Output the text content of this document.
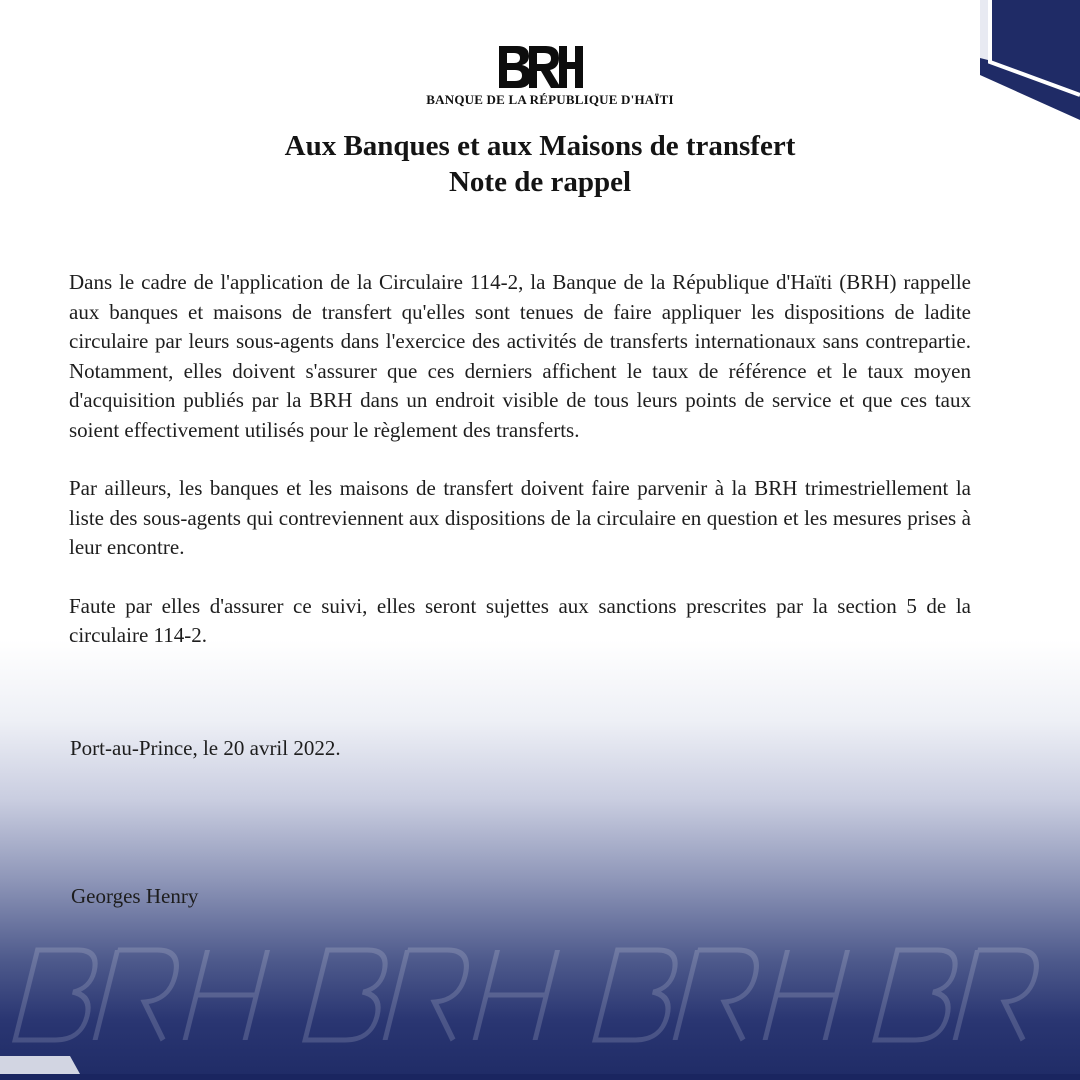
BANQUE DE LA RÉPUBLIQUE D'HAÏTI
Aux Banques et aux Maisons de transfert
Note de rappel

Dans le cadre de l'application de la Circulaire 114-2, la Banque de la République d'Haïti (BRH) rappelle aux banques et maisons de transfert qu'elles sont tenues de faire appliquer les dispositions de ladite circulaire par leurs sous-agents dans l'exercice des activités de transferts internationaux sans contrepartie. Notamment, elles doivent s'assurer que ces derniers affichent le taux de référence et le taux moyen d'acquisition publiés par la BRH dans un endroit visible de tous leurs points de service et que ces taux soient effectivement utilisés pour le règlement des transferts.

Par ailleurs, les banques et les maisons de transfert doivent faire parvenir à la BRH trimestriellement la liste des sous-agents qui contreviennent aux dispositions de la circulaire en question et les mesures prises à leur encontre.

Faute par elles d'assurer ce suivi, elles seront sujettes aux sanctions prescrites par la section 5 de la circulaire 114-2.

Port-au-Prince, le 20 avril 2022.
Georges Henry
